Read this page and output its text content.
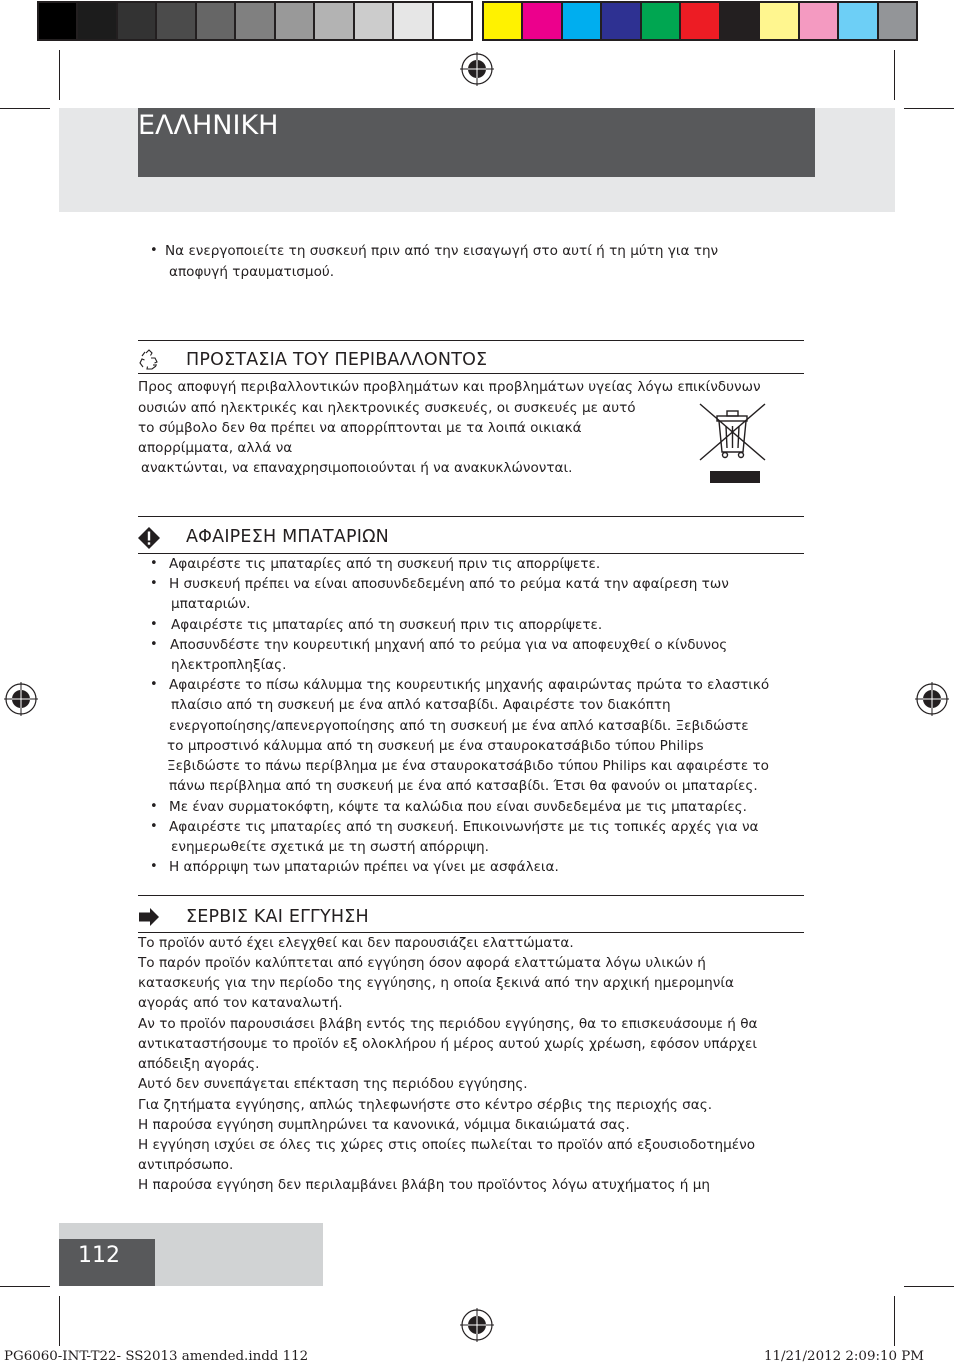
ΕΛΛΗΝΙΚΗ
• Να ενεργοποιείτε τη συσκευή πριν από την εισαγωγή στο αυτί ή τη μύτη για την
αποφυγή τραυματισμού.
ΠΡΟΣΤΑΣΙΑ ΤΟΥ ΠΕΡΙΒΑΛΛΟΝΤΟΣ
Προς αποφυγή περιβαλλοντικών προβλημάτων και προβλημάτων υγείας λόγω επικίνδυνων
ουσιών από ηλεκτρικές και ηλεκτρονικές συσκευές, οι συσκευές με αυτό
το σύμβολο δεν θα πρέπει να απορρίπτονται με τα λοιπά οικιακά
απορρίμματα, αλλά να
ανακτώνται, να επαναχρησιμοποιούνται ή να ανακυκλώνονται.
ΑΦΑΙΡΕΣΗ ΜΠΑΤΑΡΙΩΝ
• Αφαιρέστε τις μπαταρίες από τη συσκευή πριν τις απορρίψετε.
• Η συσκευή πρέπει να είναι αποσυνδεδεμένη από το ρεύμα κατά την αφαίρεση των
μπαταριών.
• Αφαιρέστε τις μπαταρίες από τη συσκευή πριν τις απορρίψετε.
• Αποσυνδέστε την κουρευτική μηχανή από το ρεύμα για να αποφευχθεί ο κίνδυνος
ηλεκτροπληξίας.
• Αφαιρέστε το πίσω κάλυμμα της κουρευτικής μηχανής αφαιρώντας πρώτα το ελαστικό
πλαίσιο από τη συσκευή με ένα απλό κατσαβίδι. Αφαιρέστε τον διακόπτη
ενεργοποίησης/απενεργοποίησης από τη συσκευή με ένα απλό κατσαβίδι. Ξεβιδώστε
το μπροστινό κάλυμμα από τη συσκευή με ένα σταυροκατσάβιδο τύπου Philips
Ξεβιδώστε το πάνω περίβλημα με ένα σταυροκατσάβιδο τύπου Philips και αφαιρέστε το
πάνω περίβλημα από τη συσκευή με ένα από κατσαβίδι. Έτσι θα φανούν οι μπαταρίες.
• Με έναν συρματοκόφτη, κόψτε τα καλώδια που είναι συνδεδεμένα με τις μπαταρίες.
• Αφαιρέστε τις μπαταρίες από τη συσκευή. Επικοινωνήστε με τις τοπικές αρχές για να
ενημερωθείτε σχετικά με τη σωστή απόρριψη.
• Η απόρριψη των μπαταριών πρέπει να γίνει με ασφάλεια.
ΣΕΡΒΙΣ ΚΑΙ ΕΓΓΥΗΣΗ
Το προϊόν αυτό έχει ελεγχθεί και δεν παρουσιάζει ελαττώματα.
Το παρόν προϊόν καλύπτεται από εγγύηση όσον αφορά ελαττώματα λόγω υλικών ή
κατασκευής για την περίοδο της εγγύησης, η οποία ξεκινά από την αρχική ημερομηνία
αγοράς από τον καταναλωτή.
Αν το προϊόν παρουσιάσει βλάβη εντός της περιόδου εγγύησης, θα το επισκευάσουμε ή θα
αντικαταστήσουμε το προϊόν εξ ολοκλήρου ή μέρος αυτού χωρίς χρέωση, εφόσον υπάρχει
απόδειξη αγοράς.
Αυτό δεν συνεπάγεται επέκταση της περιόδου εγγύησης.
Για ζητήματα εγγύησης, απλώς τηλεφωνήστε στο κέντρο σέρβις της περιοχής σας.
Η παρούσα εγγύηση συμπληρώνει τα κανονικά, νόμιμα δικαιώματά σας.
Η εγγύηση ισχύει σε όλες τις χώρες στις οποίες πωλείται το προϊόν από εξουσιοδοτημένο
αντιπρόσωπο.
Η παρούσα εγγύηση δεν περιλαμβάνει βλάβη του προϊόντος λόγω ατυχήματος ή μη
112
PG6060-INT-T22- SS2013 amended.indd 112	11/21/2012 2:09:10 PM
